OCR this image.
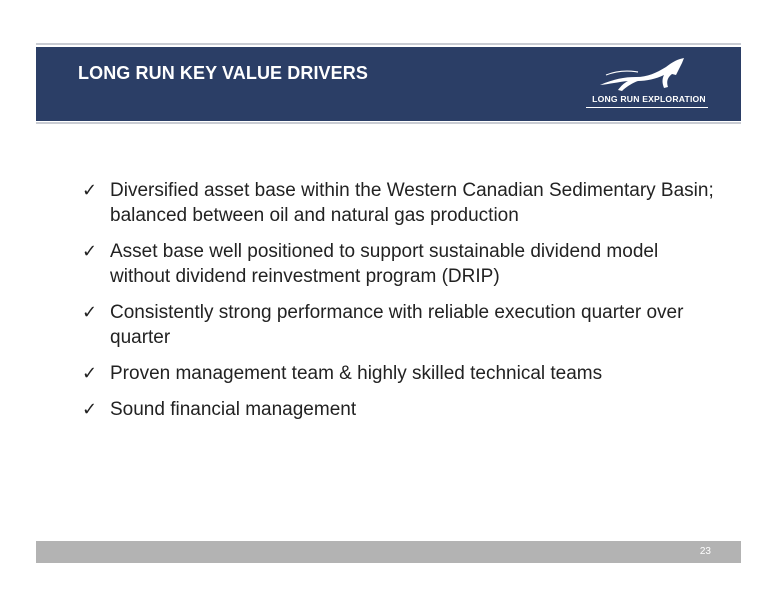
LONG RUN KEY VALUE DRIVERS
LONG RUN EXPLORATION
✓ Diversified asset base within the Western Canadian Sedimentary Basin; balanced between oil and natural gas production
✓ Asset base well positioned to support sustainable dividend model without dividend reinvestment program (DRIP)
✓ Consistently strong performance with reliable execution quarter over quarter
✓ Proven management team & highly skilled technical teams
✓ Sound financial management
23
